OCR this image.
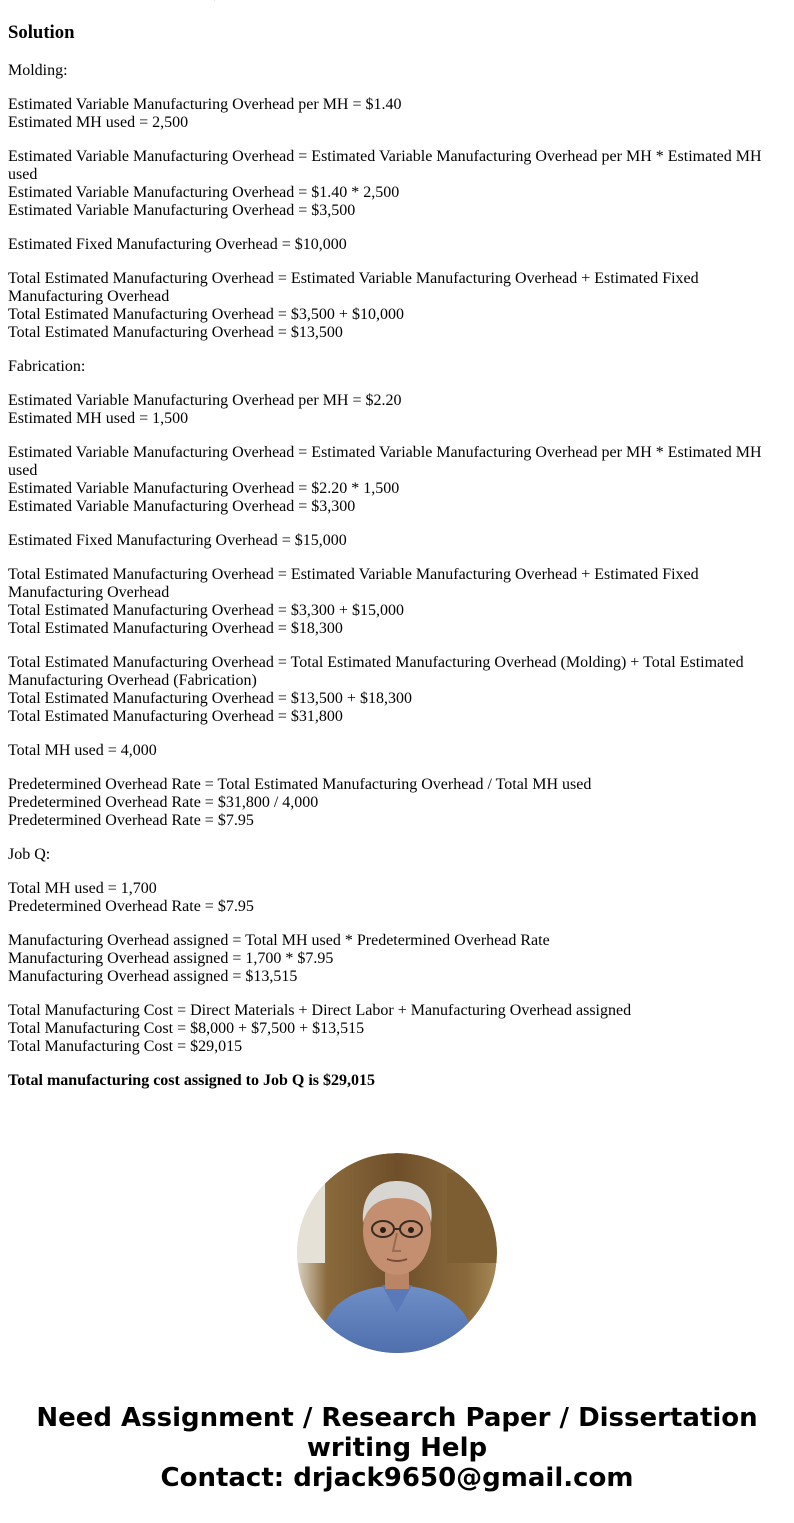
Solution
Molding:
Estimated Variable Manufacturing Overhead per MH = $1.40
Estimated MH used = 2,500
Estimated Variable Manufacturing Overhead = Estimated Variable Manufacturing Overhead per MH * Estimated MH used
Estimated Variable Manufacturing Overhead = $1.40 * 2,500
Estimated Variable Manufacturing Overhead = $3,500
Estimated Fixed Manufacturing Overhead = $10,000
Total Estimated Manufacturing Overhead = Estimated Variable Manufacturing Overhead + Estimated Fixed Manufacturing Overhead
Total Estimated Manufacturing Overhead = $3,500 + $10,000
Total Estimated Manufacturing Overhead = $13,500
Fabrication:
Estimated Variable Manufacturing Overhead per MH = $2.20
Estimated MH used = 1,500
Estimated Variable Manufacturing Overhead = Estimated Variable Manufacturing Overhead per MH * Estimated MH used
Estimated Variable Manufacturing Overhead = $2.20 * 1,500
Estimated Variable Manufacturing Overhead = $3,300
Estimated Fixed Manufacturing Overhead = $15,000
Total Estimated Manufacturing Overhead = Estimated Variable Manufacturing Overhead + Estimated Fixed Manufacturing Overhead
Total Estimated Manufacturing Overhead = $3,300 + $15,000
Total Estimated Manufacturing Overhead = $18,300
Total Estimated Manufacturing Overhead = Total Estimated Manufacturing Overhead (Molding) + Total Estimated Manufacturing Overhead (Fabrication)
Total Estimated Manufacturing Overhead = $13,500 + $18,300
Total Estimated Manufacturing Overhead = $31,800
Total MH used = 4,000
Predetermined Overhead Rate = Total Estimated Manufacturing Overhead / Total MH used
Predetermined Overhead Rate = $31,800 / 4,000
Predetermined Overhead Rate = $7.95
Job Q:
Total MH used = 1,700
Predetermined Overhead Rate = $7.95
Manufacturing Overhead assigned = Total MH used * Predetermined Overhead Rate
Manufacturing Overhead assigned = 1,700 * $7.95
Manufacturing Overhead assigned = $13,515
Total Manufacturing Cost = Direct Materials + Direct Labor + Manufacturing Overhead assigned
Total Manufacturing Cost = $8,000 + $7,500 + $13,515
Total Manufacturing Cost = $29,015
Total manufacturing cost assigned to Job Q is $29,015
Need Assignment / Research Paper / Dissertation
writing Help
Contact: drjack9650@gmail.com
